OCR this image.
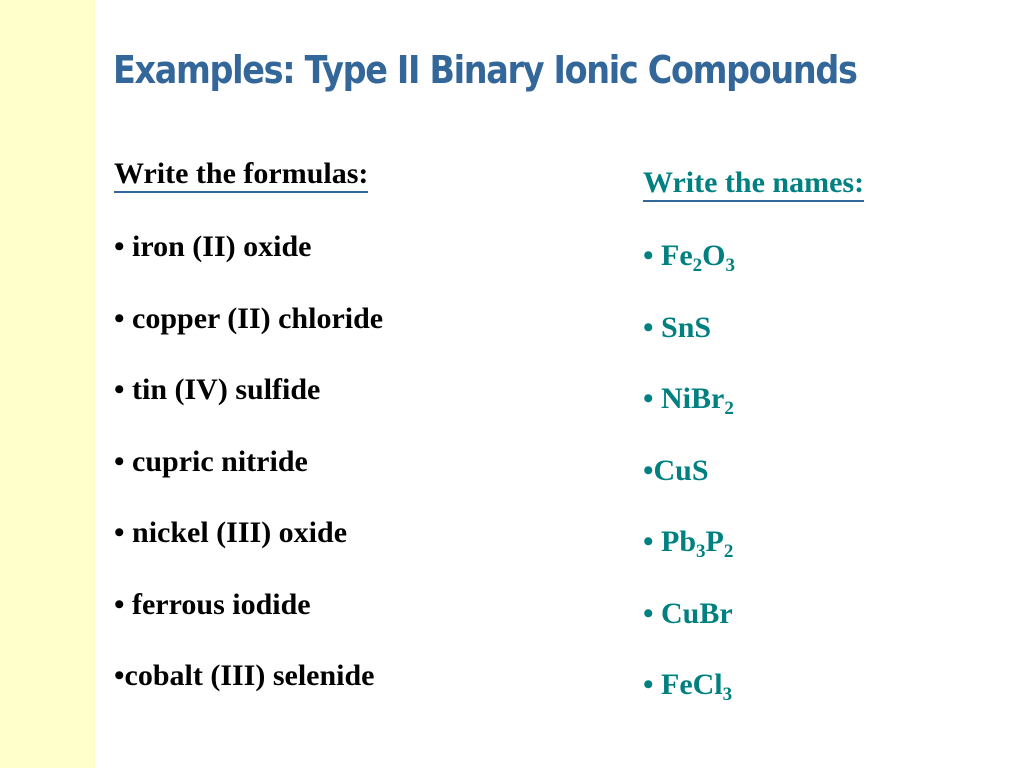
Examples: Type II Binary Ionic Compounds
Write the formulas:
• iron (II) oxide
• copper (II) chloride
• tin (IV) sulfide
• cupric nitride
• nickel (III) oxide
• ferrous iodide
•cobalt (III) selenide
Write the names:
• $Fe_2O_3$
• SnS
• NiBr$_2$
•CuS
• $Pb_3P_2$
• CuBr
• FeCl$_3$
